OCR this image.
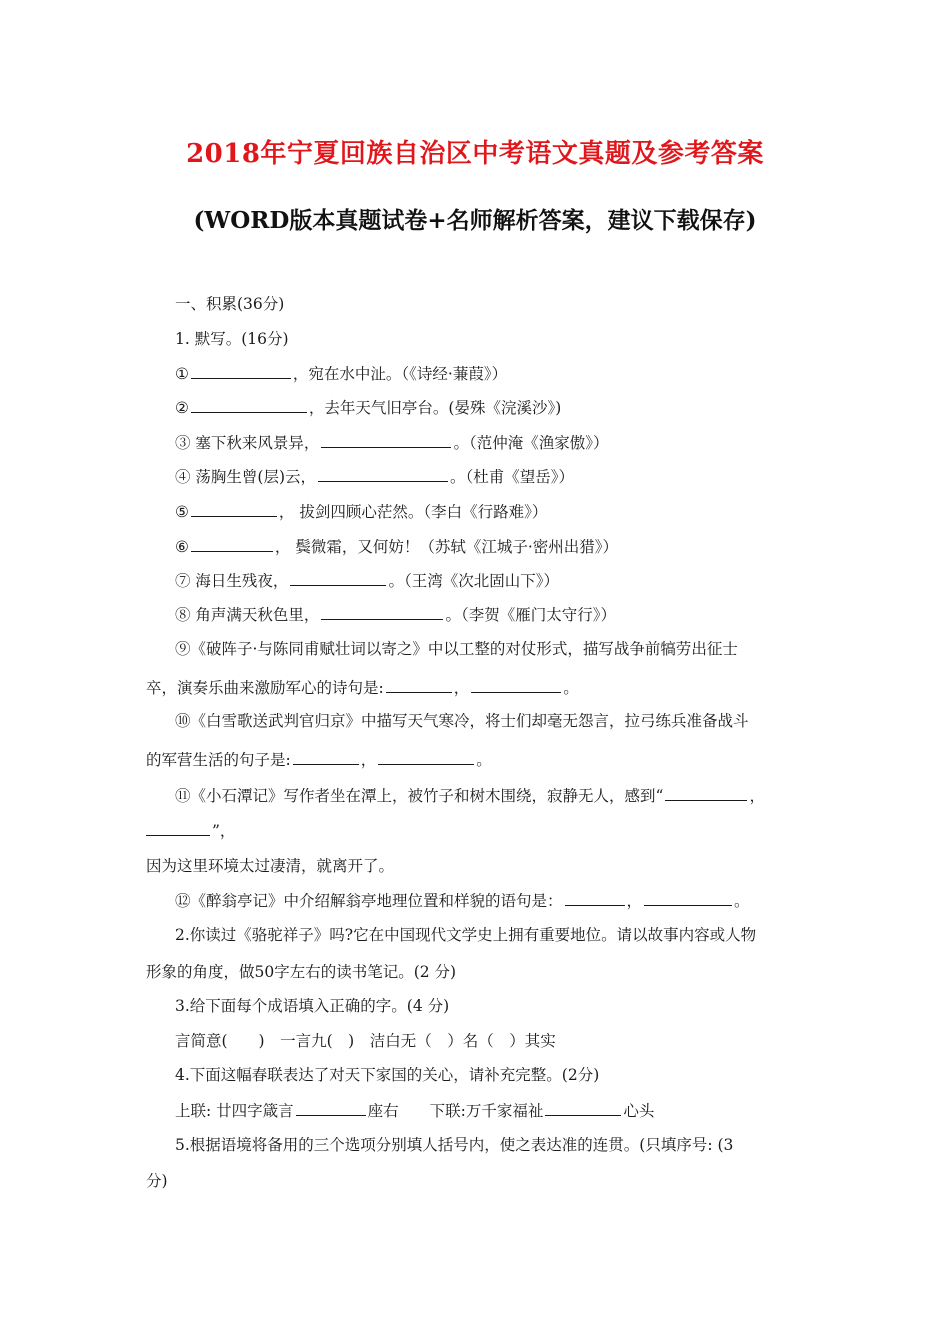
2018年宁夏回族自治区中考语文真题及参考答案
(WORD版本真题试卷+名师解析答案，建议下载保存)
一、积累(36分)
1. 默写。(16分)
①	，宛在水中沚。（《诗经·蒹葭》）
②	，去年天气旧亭台。(晏殊《浣溪沙》)
③ 塞下秋来风景异，	。（范仲淹《渔家傲》）
④ 荡胸生曾(层)云，	。（杜甫《望岳》）
⑤	， 拔剑四顾心茫然。（李白《行路难》）
⑥	， 鬓微霜，又何妨！（苏轼《江城子·密州出猎》）
⑦ 海日生残夜，	。（王湾《次北固山下》）
⑧ 角声满天秋色里，	。（李贺《雁门太守行》）
⑨《破阵子·与陈同甫赋壮词以寄之》中以工整的对仗形式，描写战争前犒劳出征士
卒，演奏乐曲来激励军心的诗句是:	，	。
⑩《白雪歌送武判官归京》中描写天气寒冷，将士们却毫无怨言，拉弓练兵准备战斗
的军营生活的句子是:	，	。
⑪《小石潭记》写作者坐在潭上，被竹子和树木围绕，寂静无人，感到“	，
”，
因为这里环境太过凄清，就离开了。
⑫《醉翁亭记》中介绍解翁亭地理位置和样貌的语句是：	，	。
2.你读过《骆驼祥子》吗?它在中国现代文学史上拥有重要地位。请以故事内容或人物
形象的角度，做50字左右的读书笔记。(2 分)
3.给下面每个成语填入正确的字。(4 分)
言简意(　　)　一言九(　)　洁白无（　）名（　）其实
4.下面这幅春联表达了对天下家国的关心，请补充完整。(2分)
上联: 廿四字箴言	座右　　下联:万千家福祉	心头
5.根据语境将备用的三个选项分别填人括号内，使之表达准的连贯。(只填序号: (3
分)
